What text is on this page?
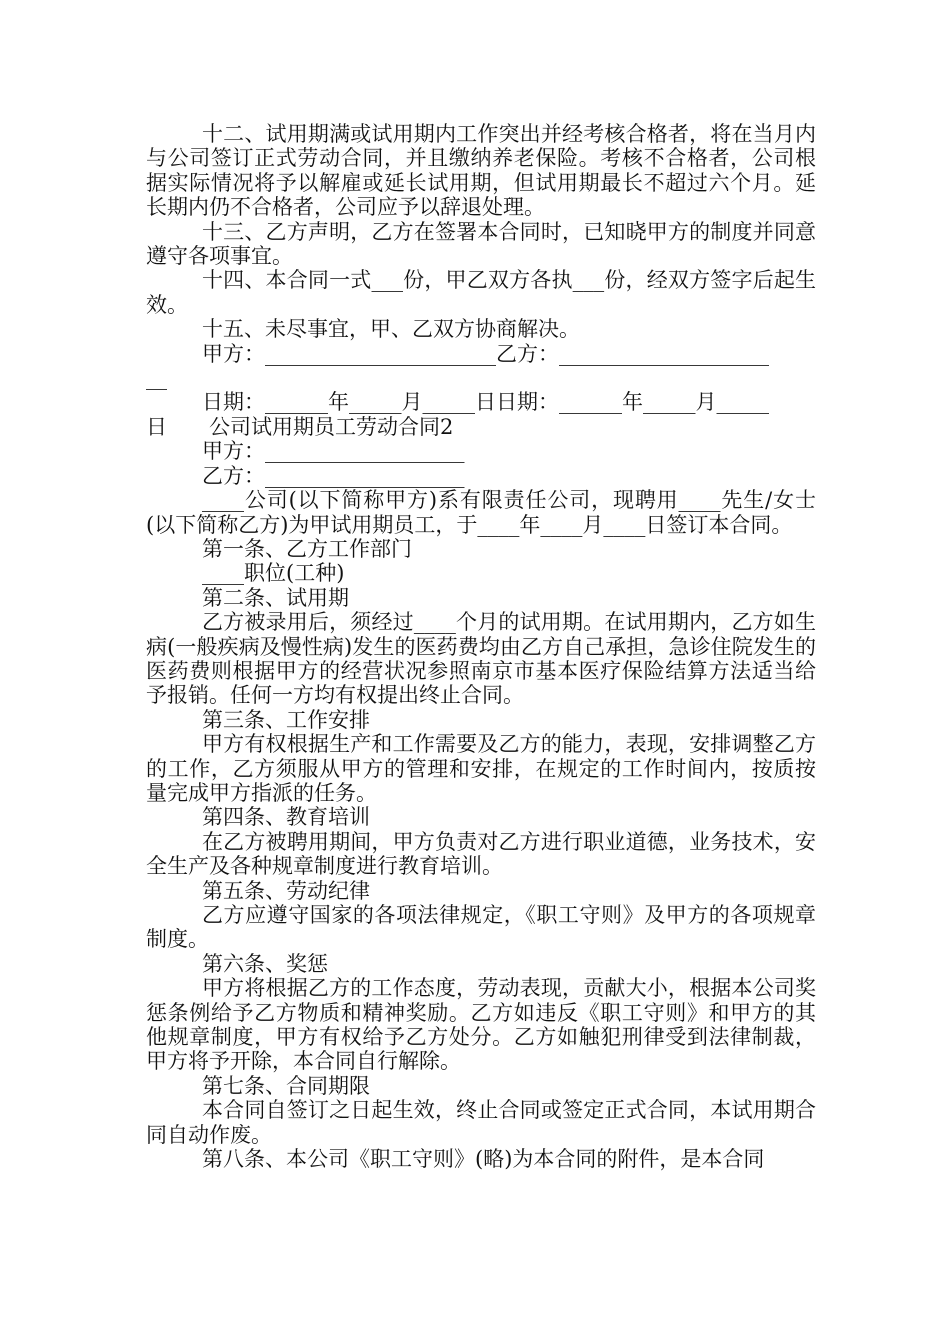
十二、试用期满或试用期内工作突出并经考核合格者，将在当月内与公司签订正式劳动合同，并且缴纳养老保险。考核不合格者，公司根据实际情况将予以解雇或延长试用期，但试用期最长不超过六个月。延长期内仍不合格者，公司应予以辞退处理。

十三、乙方声明，乙方在签署本合同时，已知晓甲方的制度并同意遵守各项事宜。

十四、本合同一式___份，甲乙双方各执___份，经双方签字后起生效。

十五、未尽事宜，甲、乙双方协商解决。

甲方：______________________乙方：____________________

__

日期：______年_____月_____日日期：______年_____月_____

日　　公司试用期员工劳动合同2

甲方：___________________

乙方：___________________

____公司(以下简称甲方)系有限责任公司，现聘用____先生/女士(以下简称乙方)为甲试用期员工，于____年____月____日签订本合同。

第一条、乙方工作部门

____职位(工种)

第二条、试用期

乙方被录用后，须经过____个月的试用期。在试用期内，乙方如生病(一般疾病及慢性病)发生的医药费均由乙方自己承担，急诊住院发生的医药费则根据甲方的经营状况参照南京市基本医疗保险结算方法适当给予报销。任何一方均有权提出终止合同。

第三条、工作安排

甲方有权根据生产和工作需要及乙方的能力，表现，安排调整乙方的工作，乙方须服从甲方的管理和安排，在规定的工作时间内，按质按量完成甲方指派的任务。

第四条、教育培训

在乙方被聘用期间，甲方负责对乙方进行职业道德，业务技术，安全生产及各种规章制度进行教育培训。

第五条、劳动纪律

乙方应遵守国家的各项法律规定，《职工守则》及甲方的各项规章制度。

第六条、奖惩

甲方将根据乙方的工作态度，劳动表现，贡献大小，根据本公司奖惩条例给予乙方物质和精神奖励。乙方如违反《职工守则》和甲方的其他规章制度，甲方有权给予乙方处分。乙方如触犯刑律受到法律制裁，甲方将予开除，本合同自行解除。

第七条、合同期限

本合同自签订之日起生效，终止合同或签定正式合同，本试用期合同自动作废。

第八条、本公司《职工守则》(略)为本合同的附件，是本合同
